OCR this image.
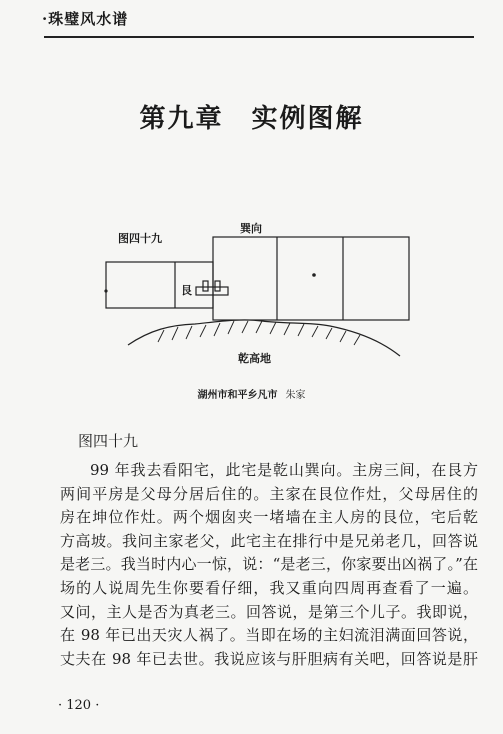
·珠璧风水谱
第九章 实例图解
图四十九
巽向
艮
乾高地
湖州市和平乡凡市 朱家
图四十九
99 年我去看阳宅，此宅是乾山巽向。主房三间，在艮方
两间平房是父母分居后住的。主家在艮位作灶，父母居住的
房在坤位作灶。两个烟囱夹一堵墙在主人房的艮位，宅后乾
方高坡。我问主家老父，此宅主在排行中是兄弟老几，回答说
是老三。我当时内心一惊，说：“是老三，你家要出凶祸了。”在
场的人说周先生你要看仔细，我又重向四周再查看了一遍。
又问，主人是否为真老三。回答说，是第三个儿子。我即说，
在 98 年已出天灾人祸了。当即在场的主妇流泪满面回答说，
丈夫在 98 年已去世。我说应该与肝胆病有关吧，回答说是肝
· 120 ·
